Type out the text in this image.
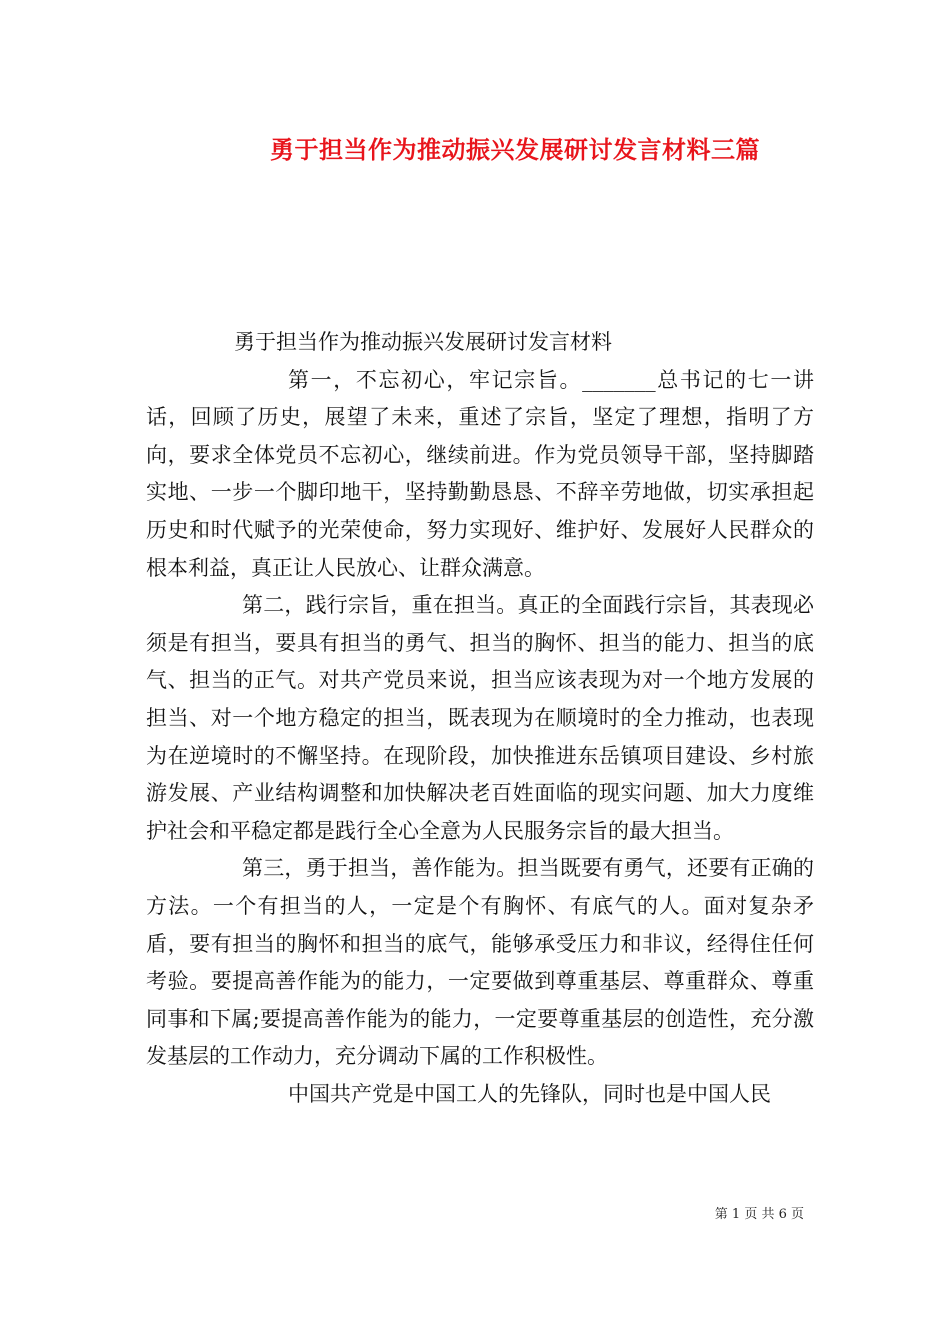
勇于担当作为推动振兴发展研讨发言材料三篇

勇于担当作为推动振兴发展研讨发言材料

第一，不忘初心，牢记宗旨。_______总书记的七一讲话，回顾了历史，展望了未来，重述了宗旨，坚定了理想，指明了方向，要求全体党员不忘初心，继续前进。作为党员领导干部，坚持脚踏实地、一步一个脚印地干，坚持勤勤恳恳、不辞辛劳地做，切实承担起历史和时代赋予的光荣使命，努力实现好、维护好、发展好人民群众的根本利益，真正让人民放心、让群众满意。

第二，践行宗旨，重在担当。真正的全面践行宗旨，其表现必须是有担当，要具有担当的勇气、担当的胸怀、担当的能力、担当的底气、担当的正气。对共产党员来说，担当应该表现为对一个地方发展的担当、对一个地方稳定的担当，既表现为在顺境时的全力推动，也表现为在逆境时的不懈坚持。在现阶段，加快推进东岳镇项目建设、乡村旅游发展、产业结构调整和加快解决老百姓面临的现实问题、加大力度维护社会和平稳定都是践行全心全意为人民服务宗旨的最大担当。

第三，勇于担当，善作能为。担当既要有勇气，还要有正确的方法。一个有担当的人，一定是个有胸怀、有底气的人。面对复杂矛盾，要有担当的胸怀和担当的底气，能够承受压力和非议，经得住任何考验。要提高善作能为的能力，一定要做到尊重基层、尊重群众、尊重同事和下属;要提高善作能为的能力，一定要尊重基层的创造性，充分激发基层的工作动力，充分调动下属的工作积极性。

中国共产党是中国工人的先锋队，同时也是中国人民

第 1 页 共 6 页
